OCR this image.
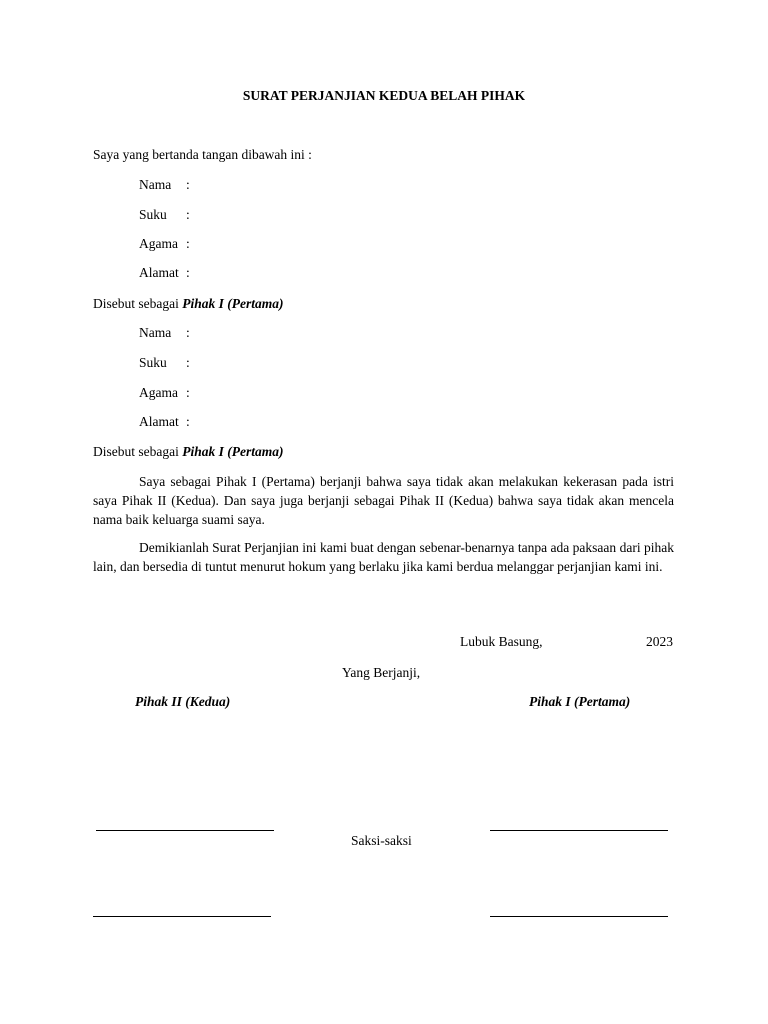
SURAT PERJANJIAN KEDUA BELAH PIHAK
Saya yang bertanda tangan dibawah ini :
Nama :
Suku :
Agama :
Alamat :
Disebut sebagai Pihak I (Pertama)
Nama :
Suku :
Agama :
Alamat :
Disebut sebagai Pihak I (Pertama)

Saya sebagai Pihak I (Pertama) berjanji bahwa saya tidak akan melakukan kekerasan pada istri saya Pihak II (Kedua). Dan saya juga berjanji sebagai Pihak II (Kedua) bahwa saya tidak akan mencela nama baik keluarga suami saya.

Demikianlah Surat Perjanjian ini kami buat dengan sebenar-benarnya tanpa ada paksaan dari pihak lain, dan bersedia di tuntut menurut hokum yang berlaku jika kami berdua melanggar perjanjian kami ini.

Lubuk Basung,	2023
Yang Berjanji,
Pihak II (Kedua)	Pihak I (Pertama)
Saksi-saksi
